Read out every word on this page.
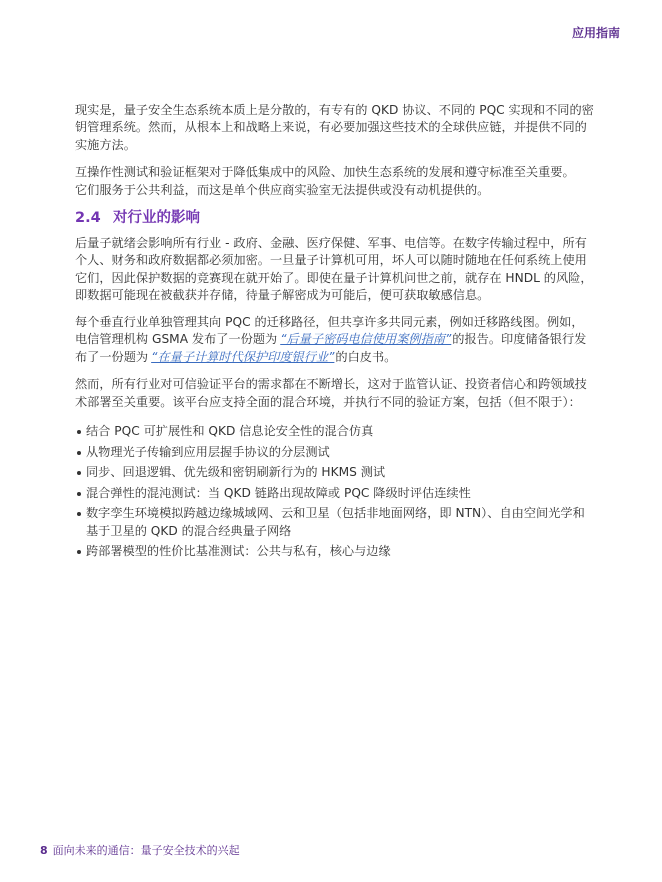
应用指南
现实是，量子安全生态系统本质上是分散的，有专有的 QKD 协议、不同的 PQC 实现和不同的密
钥管理系统。然而，从根本上和战略上来说，有必要加强这些技术的全球供应链，并提供不同的
实施方法。
互操作性测试和验证框架对于降低集成中的风险、加快生态系统的发展和遵守标准至关重要。
它们服务于公共利益，而这是单个供应商实验室无法提供或没有动机提供的。
2.4 对行业的影响
后量子就绪会影响所有行业 - 政府、金融、医疗保健、军事、电信等。在数字传输过程中，所有
个人、财务和政府数据都必须加密。一旦量子计算机可用，坏人可以随时随地在任何系统上使用
它们，因此保护数据的竞赛现在就开始了。即使在量子计算机问世之前，就存在 HNDL 的风险，
即数据可能现在被截获并存储，待量子解密成为可能后，便可获取敏感信息。
每个垂直行业单独管理其向 PQC 的迁移路径，但共享许多共同元素，例如迁移路线图。例如，
电信管理机构 GSMA 发布了一份题为 “后量子密码电信使用案例指南”的报告。印度储备银行发
布了一份题为 “在量子计算时代保护印度银行业”的白皮书。
然而，所有行业对可信验证平台的需求都在不断增长，这对于监管认证、投资者信心和跨领域技
术部署至关重要。该平台应支持全面的混合环境，并执行不同的验证方案，包括（但不限于）：
结合 PQC 可扩展性和 QKD 信息论安全性的混合仿真
从物理光子传输到应用层握手协议的分层测试
同步、回退逻辑、优先级和密钥刷新行为的 HKMS 测试
混合弹性的混沌测试：当 QKD 链路出现故障或 PQC 降级时评估连续性
数字孪生环境模拟跨越边缘城域网、云和卫星（包括非地面网络，即 NTN）、自由空间光学和
基于卫星的 QKD 的混合经典量子网络
跨部署模型的性价比基准测试：公共与私有，核心与边缘
8 面向未来的通信：量子安全技术的兴起
